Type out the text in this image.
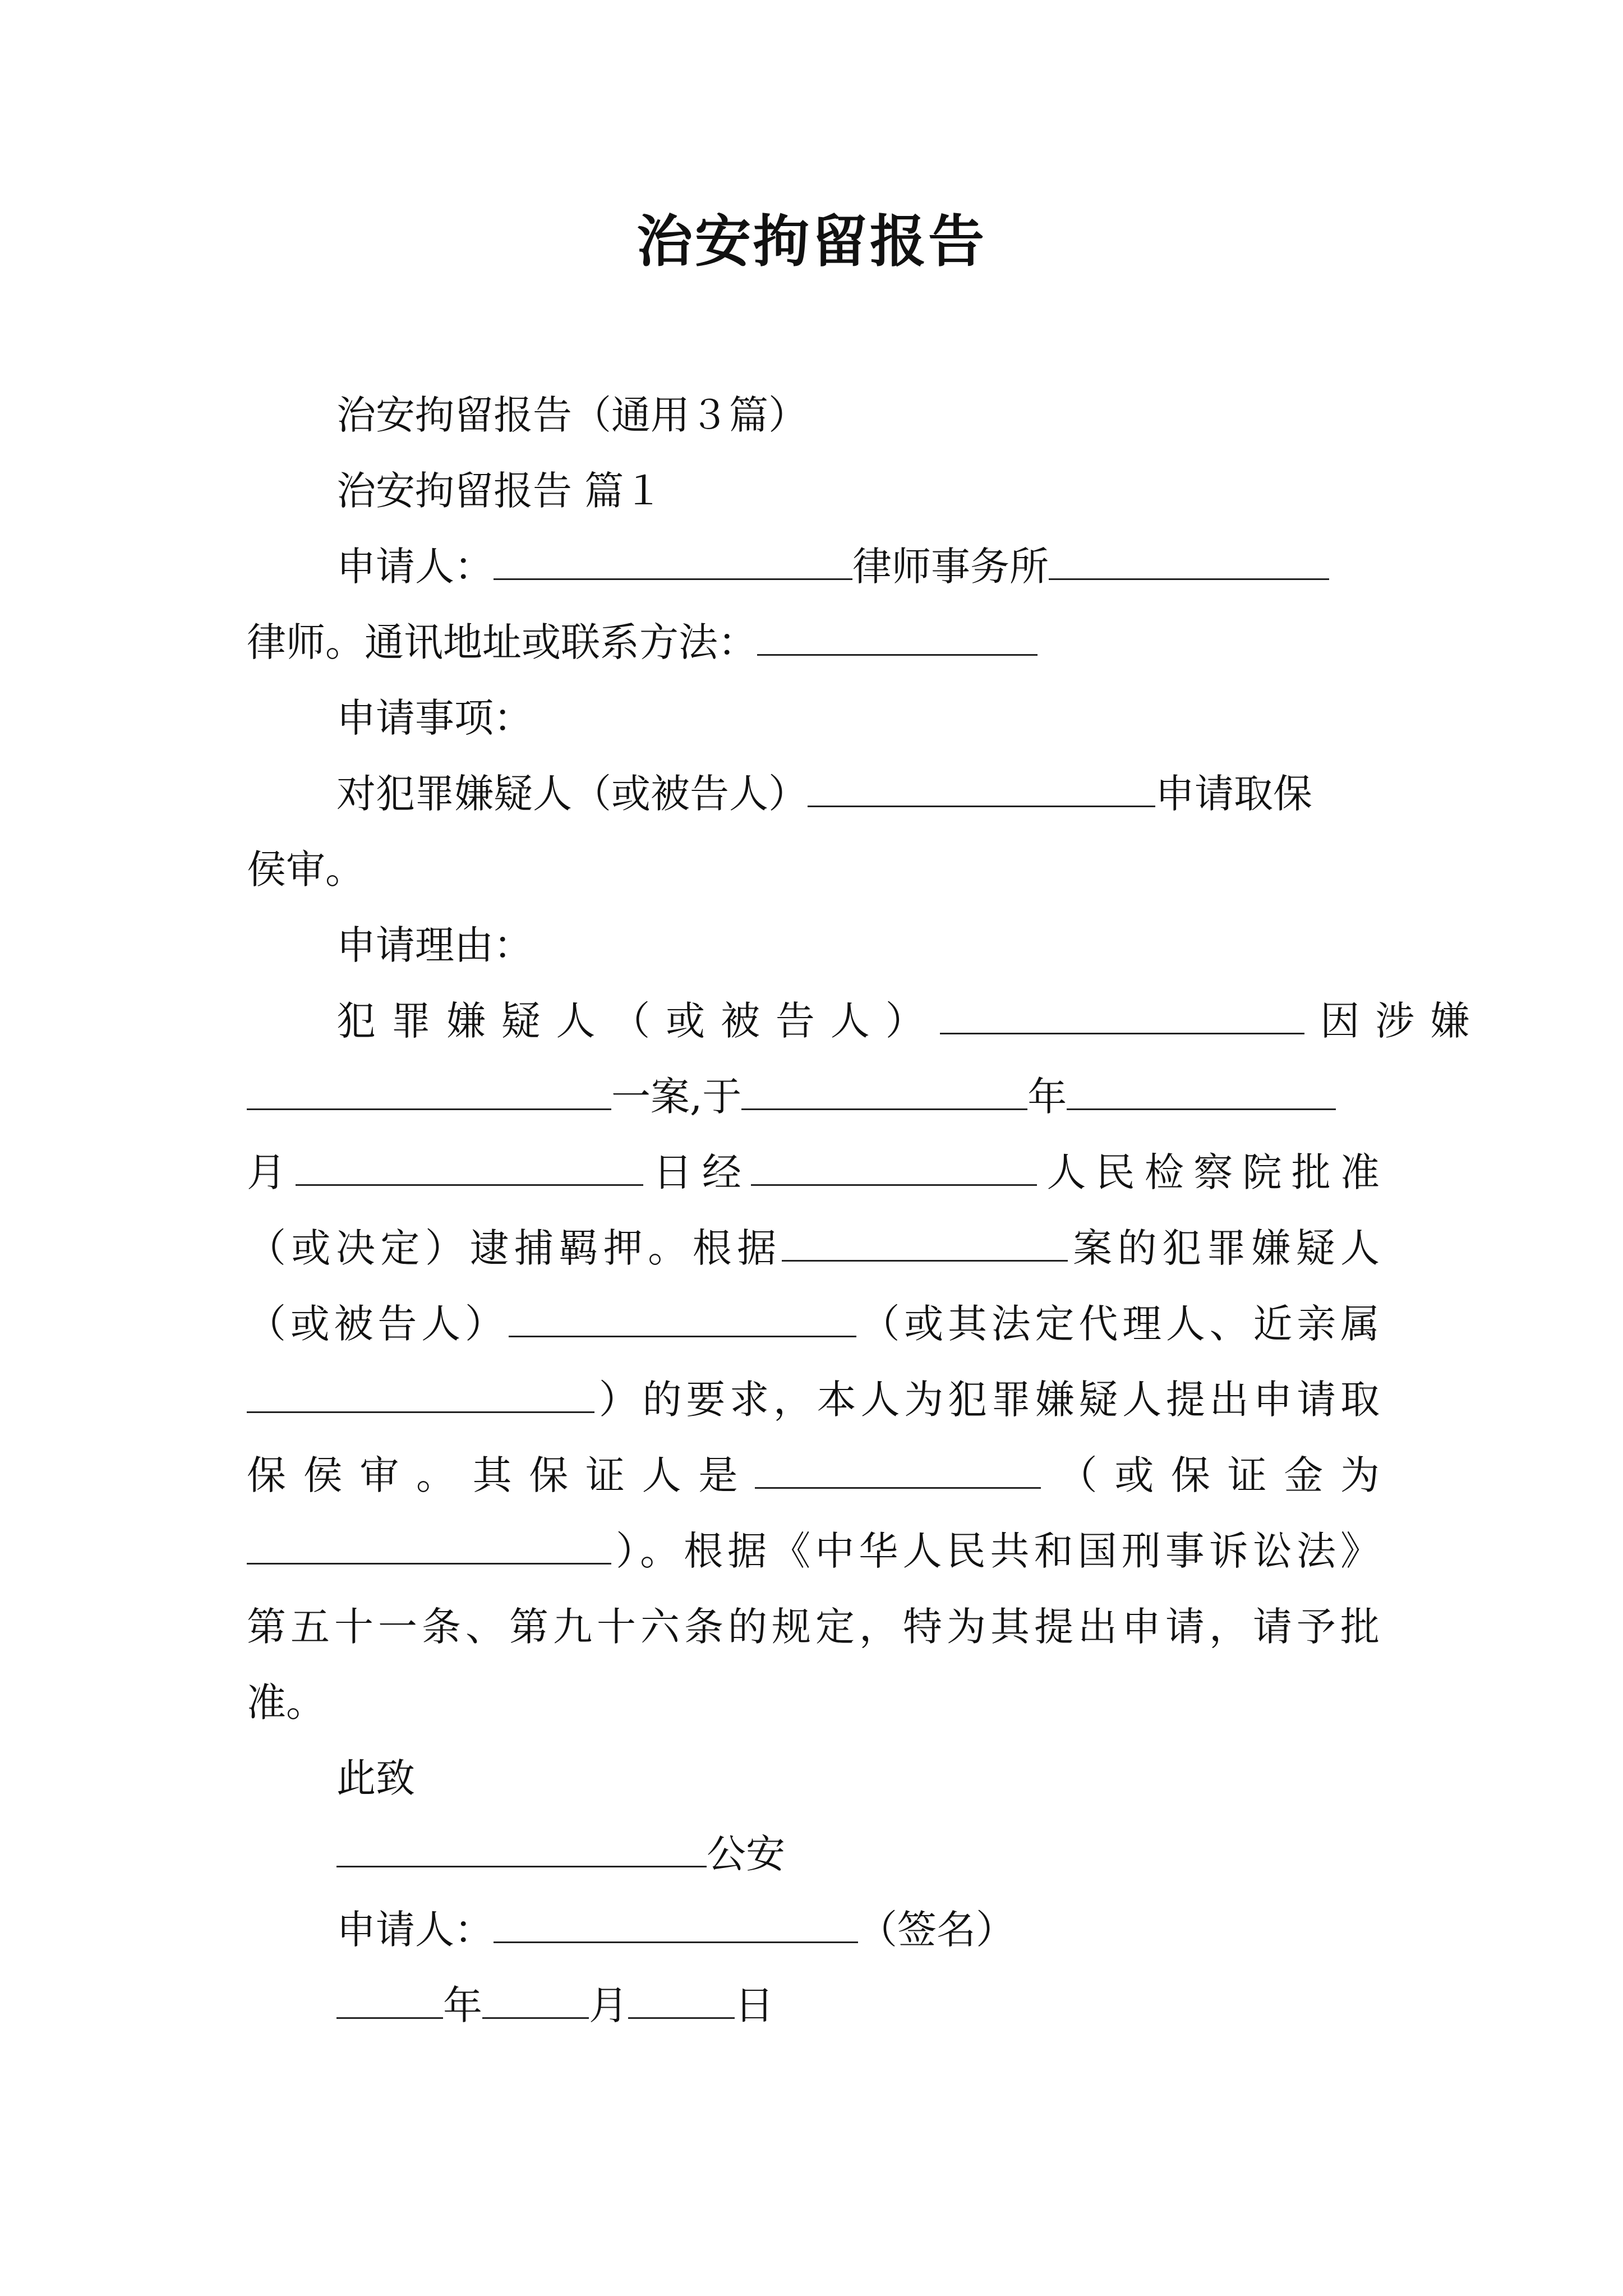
治安拘留报告
治安拘留报告（通用３篇）
治安拘留报告 篇１
申请人：	律师事务所
律师。通讯地址或联系方法：
申请事项：
对犯罪嫌疑人（或被告人）	申请取保
侯审。
申请理由：
犯罪嫌疑人（或被告人）	因涉嫌
一案,于	年
月	日经	人民检察院批准
（或决定）逮捕羁押。根据	案的犯罪嫌疑人
（或被告人）	（或其法定代理人、近亲属
）的要求，本人为犯罪嫌疑人提出申请取
保侯审。其保证人是	（或保证金为
）。根据《中华人民共和国刑事诉讼法》
第五十一条、第九十六条的规定，特为其提出申请，请予批
准。
此致
公安
申请人：	（签名）
年	月	日
